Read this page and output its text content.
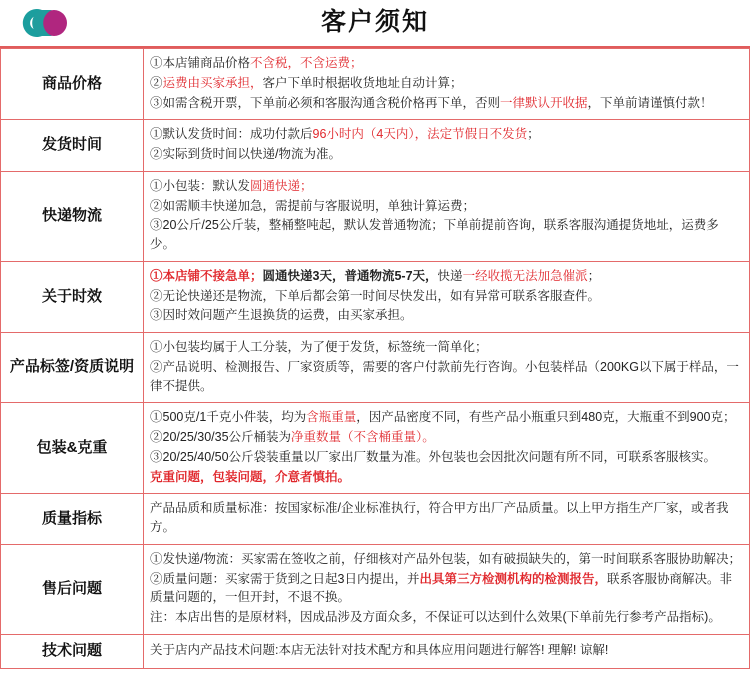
客户须知
商品价格	①本店铺商品价格不含税，不含运费；

②运费由买家承担，客户下单时根据收货地址自动计算；

③如需含税开票，下单前必须和客服沟通含税价格再下单，否则一律默认开收据，下单前请谨慎付款！

发货时间	①默认发货时间：成功付款后96小时内（4天内），法定节假日不发货；

②实际到货时间以快递/物流为准。

快递物流	①小包装：默认发圆通快递；

②如需顺丰快递加急，需提前与客服说明，单独计算运费；

③20公斤/25公斤装，整桶整吨起，默认发普通物流；下单前提前咨询，联系客服沟通提货地址，运费多少。

关于时效	①本店铺不接急单；圆通快递3天，普通物流5-7天，快递一经收揽无法加急催派；

②无论快递还是物流，下单后都会第一时间尽快发出，如有异常可联系客服查件。

③因时效问题产生退换货的运费，由买家承担。

产品标签/资质说明	①小包装均属于人工分装，为了便于发货，标签统一简单化；

②产品说明、检测报告、厂家资质等，需要的客户付款前先行咨询。小包装样品（200KG以下属于样品，一律不提供。

包装&克重	①500克/1千克小件装，均为含瓶重量，因产品密度不同，有些产品小瓶重只到480克，大瓶重不到900克；

②20/25/30/35公斤桶装为净重数量（不含桶重量）。

③20/25/40/50公斤袋装重量以厂家出厂数量为准。外包装也会因批次问题有所不同，可联系客服核实。

克重问题，包装问题，介意者慎拍。

质量指标	产品品质和质量标准：按国家标准/企业标准执行，符合甲方出厂产品质量。以上甲方指生产厂家，或者我方。

售后问题	①发快递/物流：买家需在签收之前，仔细核对产品外包装，如有破损缺失的，第一时间联系客服协助解决；

②质量问题：买家需于货到之日起3日内提出，并出具第三方检测机构的检测报告，联系客服协商解决。非质量问题的，一但开封，不退不换。

注：本店出售的是原材料，因成品涉及方面众多，不保证可以达到什么效果(下单前先行参考产品指标)。

技术问题	关于店内产品技术问题:本店无法针对技术配方和具体应用问题进行解答! 理解! 谅解!
